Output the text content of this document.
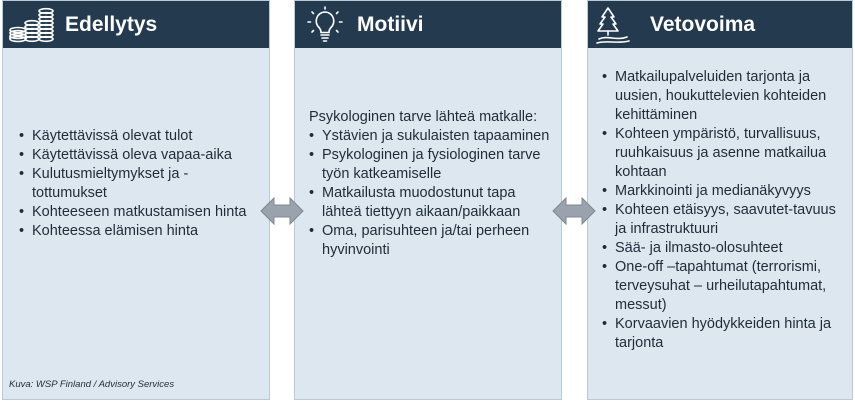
Edellytys
• Käytettävissä olevat tulot
• Käytettävissä oleva vapaa-aika
• Kulutusmieltymykset ja -tottumukset
• Kohteeseen matkustamisen hinta
• Kohteessa elämisen hinta
Kuva: WSP Finland / Advisory Services
Motiivi
Psykologinen tarve lähteä matkalle:
• Ystävien ja sukulaisten tapaaminen
• Psykologinen ja fysiologinen tarve työn katkeamiselle
• Matkailusta muodostunut tapa lähteä tiettyyn aikaan/paikkaan
• Oma, parisuhteen ja/tai perheen hyvinvointi
Vetovoima
• Matkailupalveluiden tarjonta ja uusien, houkuttelevien kohteiden kehittäminen
• Kohteen ympäristö, turvallisuus, ruuhkaisuus ja asenne matkailua kohtaan
• Markkinointi ja medianäkyvyys
• Kohteen etäisyys, saavutet-tavuus ja infrastruktuuri
• Sää- ja ilmasto-olosuhteet
• One-off –tapahtumat (terrorismi, terveysuhat – urheilutapahtumat, messut)
• Korvaavien hyödykkeiden hinta ja tarjonta
